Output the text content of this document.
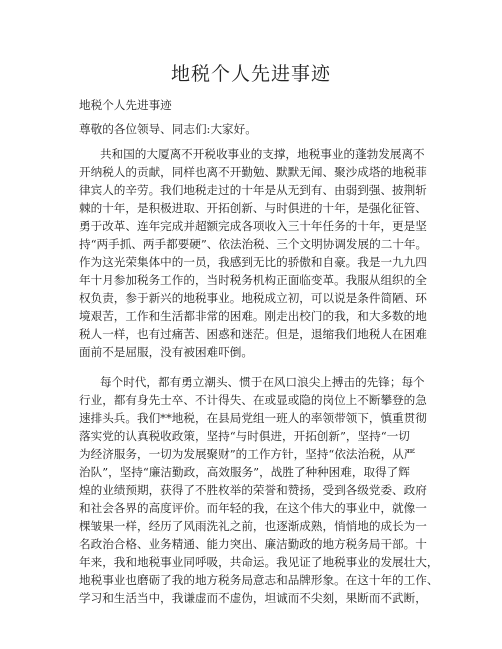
地税个人先进事迹
地税个人先进事迹
尊敬的各位领导、同志们:大家好。
共和国的大厦离不开税收事业的支撑，地税事业的蓬勃发展离不
开纳税人的贡献，同样也离不开勤勉、默默无闻、聚沙成塔的地税菲
律宾人的辛劳。我们地税走过的十年是从无到有、由弱到强、披荆斩
棘的十年，是积极进取、开拓创新、与时俱进的十年，是强化征管、
勇于改革、连年完成并超额完成各项收入三十年任务的十年，更是坚
持“两手抓、两手都要硬”、依法治税、三个文明协调发展的二十年。
作为这光荣集体中的一员，我感到无比的骄傲和自豪。我是一九九四
年十月参加税务工作的，当时税务机构正面临变革。我服从组织的全
权负责，参于新兴的地税事业。地税成立初，可以说是条件简陋、环
境艰苦，工作和生活都非常的困难。刚走出校门的我，和大多数的地
税人一样，也有过痛苦、困惑和迷茫。但是，退缩我们地税人在困难
面前不是屈服，没有被困难吓倒。
每个时代，都有勇立潮头、惯于在风口浪尖上搏击的先锋；每个
行业，都有身先士卒、不计得失、在或显或隐的岗位上不断攀登的急
速排头兵。我们**地税，在县局党组一班人的率领带领下，慎重贯彻
落实党的认真税收政策，坚持“与时俱进，开拓创新”，坚持“一切
为经济服务，一切为发展聚财”的工作方针，坚持“依法治税，从严
治队”，坚持“廉洁勤政，高效服务”，战胜了种种困难，取得了辉
煌的业绩预期，获得了不胜枚举的荣誉和赞扬，受到各级党委、政府
和社会各界的高度评价。而年轻的我，在这个伟大的事业中，就像一
棵皱果一样，经历了风雨洗礼之前，也逐渐成熟，悄悄地的成长为一
名政治合格、业务精通、能力突出、廉洁勤政的地方税务局干部。十
年来，我和地税事业同呼吸，共命运。我见证了地税事业的发展壮大，
地税事业也磨砺了我的地方税务局意志和品牌形象。在这十年的工作、
学习和生活当中，我谦虚而不虚伪，坦诚而不尖刻，果断而不武断，
